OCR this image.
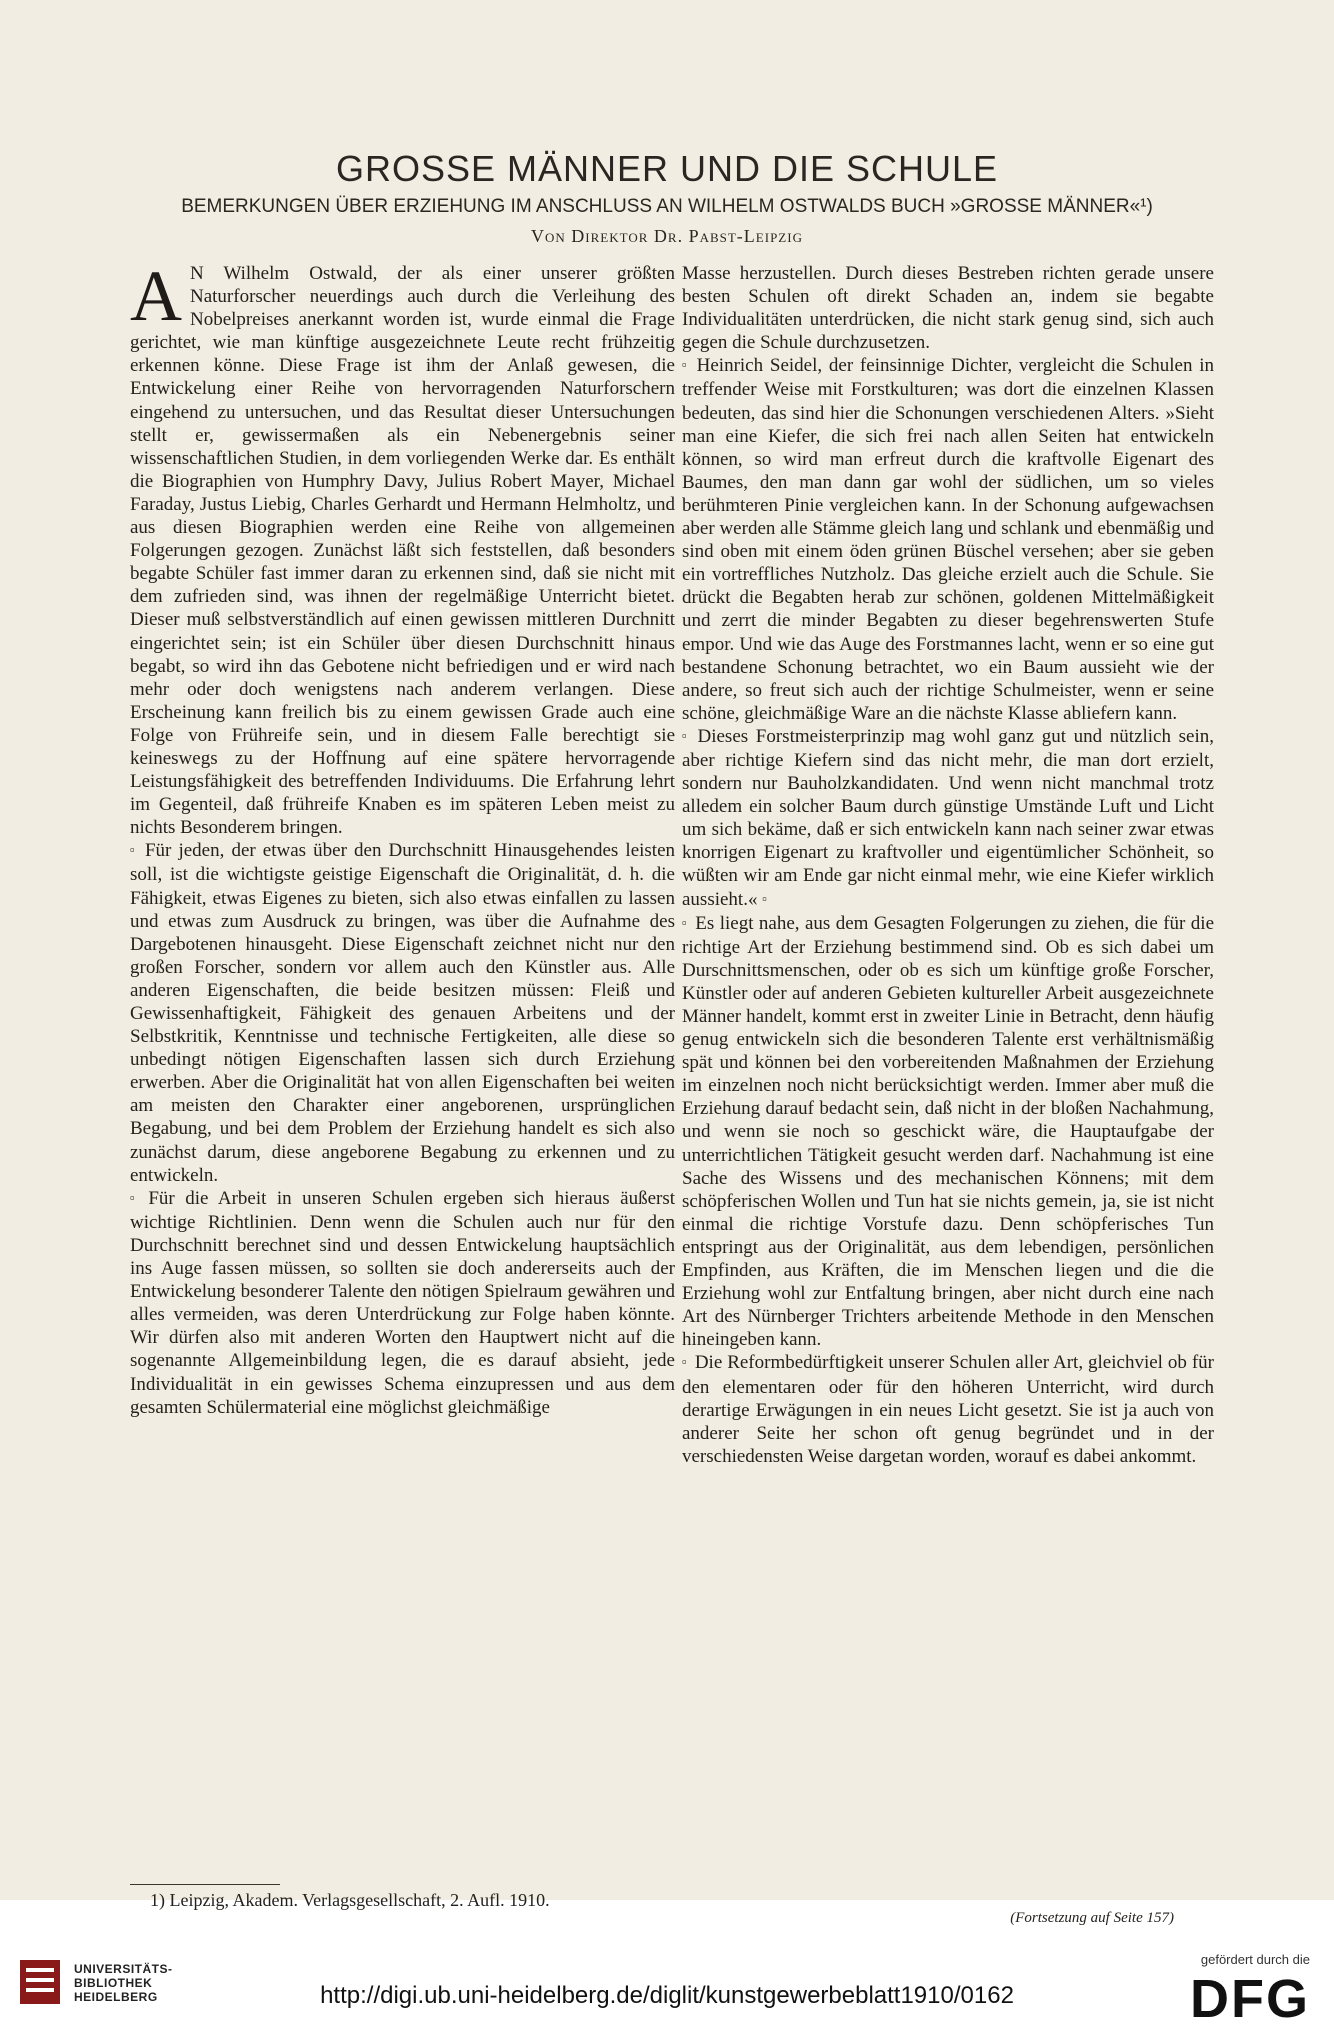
GROSSE MÄNNER UND DIE SCHULE

BEMERKUNGEN ÜBER ERZIEHUNG IM ANSCHLUSS AN WILHELM OSTWALDS BUCH »GROSSE MÄNNER«¹)

Von Direktor Dr. Pabst-Leipzig

A N Wilhelm Ostwald, der als einer unserer größten Naturforscher neuerdings auch durch die Verleihung des Nobelpreises anerkannt worden ist, wurde einmal die Frage gerichtet, wie man künftige ausgezeichnete Leute recht frühzeitig erkennen könne. Diese Frage ist ihm der Anlaß gewesen, die Entwickelung einer Reihe von hervorragenden Naturforschern eingehend zu untersuchen, und das Resultat dieser Untersuchungen stellt er, gewissermaßen als ein Nebenergebnis seiner wissenschaftlichen Studien, in dem vorliegenden Werke dar. Es enthält die Biographien von Humphry Davy, Julius Robert Mayer, Michael Faraday, Justus Liebig, Charles Gerhardt und Hermann Helmholtz, und aus diesen Biographien werden eine Reihe von allgemeinen Folgerungen gezogen. Zunächst läßt sich feststellen, daß besonders begabte Schüler fast immer daran zu erkennen sind, daß sie nicht mit dem zufrieden sind, was ihnen der regelmäßige Unterricht bietet. Dieser muß selbstverständlich auf einen gewissen mittleren Durchnitt eingerichtet sein; ist ein Schüler über diesen Durchschnitt hinaus begabt, so wird ihn das Gebotene nicht befriedigen und er wird nach mehr oder doch wenigstens nach anderem verlangen. Diese Erscheinung kann freilich bis zu einem gewissen Grade auch eine Folge von Frühreife sein, und in diesem Falle berechtigt sie keineswegs zu der Hoffnung auf eine spätere hervorragende Leistungsfähigkeit des betreffenden Individuums. Die Erfahrung lehrt im Gegenteil, daß frühreife Knaben es im späteren Leben meist zu nichts Besonderem bringen.

▫ Für jeden, der etwas über den Durchschnitt Hinausgehendes leisten soll, ist die wichtigste geistige Eigenschaft die Originalität, d. h. die Fähigkeit, etwas Eigenes zu bieten, sich also etwas einfallen zu lassen und etwas zum Ausdruck zu bringen, was über die Aufnahme des Dargebotenen hinausgeht. Diese Eigenschaft zeichnet nicht nur den großen Forscher, sondern vor allem auch den Künstler aus. Alle anderen Eigenschaften, die beide besitzen müssen: Fleiß und Gewissenhaftigkeit, Fähigkeit des genauen Arbeitens und der Selbstkritik, Kenntnisse und technische Fertigkeiten, alle diese so unbedingt nötigen Eigenschaften lassen sich durch Erziehung erwerben. Aber die Originalität hat von allen Eigenschaften bei weiten am meisten den Charakter einer angeborenen, ursprünglichen Begabung, und bei dem Problem der Erziehung handelt es sich also zunächst darum, diese angeborene Begabung zu erkennen und zu entwickeln.

▫ Für die Arbeit in unseren Schulen ergeben sich hieraus äußerst wichtige Richtlinien. Denn wenn die Schulen auch nur für den Durchschnitt berechnet sind und dessen Entwickelung hauptsächlich ins Auge fassen müssen, so sollten sie doch andererseits auch der Entwickelung besonderer Talente den nötigen Spielraum gewähren und alles vermeiden, was deren Unterdrückung zur Folge haben könnte. Wir dürfen also mit anderen Worten den Hauptwert nicht auf die sogenannte Allgemeinbildung legen, die es darauf absieht, jede Individualität in ein gewisses Schema einzupressen und aus dem gesamten Schülermaterial eine möglichst gleichmäßige

Masse herzustellen. Durch dieses Bestreben richten gerade unsere besten Schulen oft direkt Schaden an, indem sie begabte Individualitäten unterdrücken, die nicht stark genug sind, sich auch gegen die Schule durchzusetzen.

▫ Heinrich Seidel, der feinsinnige Dichter, vergleicht die Schulen in treffender Weise mit Forstkulturen; was dort die einzelnen Klassen bedeuten, das sind hier die Schonungen verschiedenen Alters. »Sieht man eine Kiefer, die sich frei nach allen Seiten hat entwickeln können, so wird man erfreut durch die kraftvolle Eigenart des Baumes, den man dann gar wohl der südlichen, um so vieles berühmteren Pinie vergleichen kann. In der Schonung aufgewachsen aber werden alle Stämme gleich lang und schlank und ebenmäßig und sind oben mit einem öden grünen Büschel versehen; aber sie geben ein vortreffliches Nutzholz. Das gleiche erzielt auch die Schule. Sie drückt die Begabten herab zur schönen, goldenen Mittelmäßigkeit und zerrt die minder Begabten zu dieser begehrenswerten Stufe empor. Und wie das Auge des Forstmannes lacht, wenn er so eine gut bestandene Schonung betrachtet, wo ein Baum aussieht wie der andere, so freut sich auch der richtige Schulmeister, wenn er seine schöne, gleichmäßige Ware an die nächste Klasse abliefern kann.

▫ Dieses Forstmeisterprinzip mag wohl ganz gut und nützlich sein, aber richtige Kiefern sind das nicht mehr, die man dort erzielt, sondern nur Bauholzkandidaten. Und wenn nicht manchmal trotz alledem ein solcher Baum durch günstige Umstände Luft und Licht um sich bekäme, daß er sich entwickeln kann nach seiner zwar etwas knorrigen Eigenart zu kraftvoller und eigentümlicher Schönheit, so wüßten wir am Ende gar nicht einmal mehr, wie eine Kiefer wirklich aussieht.« ▫

▫ Es liegt nahe, aus dem Gesagten Folgerungen zu ziehen, die für die richtige Art der Erziehung bestimmend sind. Ob es sich dabei um Durschnittsmenschen, oder ob es sich um künftige große Forscher, Künstler oder auf anderen Gebieten kultureller Arbeit ausgezeichnete Männer handelt, kommt erst in zweiter Linie in Betracht, denn häufig genug entwickeln sich die besonderen Talente erst verhältnismäßig spät und können bei den vorbereitenden Maßnahmen der Erziehung im einzelnen noch nicht berücksichtigt werden. Immer aber muß die Erziehung darauf bedacht sein, daß nicht in der bloßen Nachahmung, und wenn sie noch so geschickt wäre, die Hauptaufgabe der unterrichtlichen Tätigkeit gesucht werden darf. Nachahmung ist eine Sache des Wissens und des mechanischen Könnens; mit dem schöpferischen Wollen und Tun hat sie nichts gemein, ja, sie ist nicht einmal die richtige Vorstufe dazu. Denn schöpferisches Tun entspringt aus der Originalität, aus dem lebendigen, persönlichen Empfinden, aus Kräften, die im Menschen liegen und die die Erziehung wohl zur Entfaltung bringen, aber nicht durch eine nach Art des Nürnberger Trichters arbeitende Methode in den Menschen hineingeben kann.

▫ Die Reformbedürftigkeit unserer Schulen aller Art, gleichviel ob für den elementaren oder für den höheren Unterricht, wird durch derartige Erwägungen in ein neues Licht gesetzt. Sie ist ja auch von anderer Seite her schon oft genug begründet und in der verschiedensten Weise dargetan worden, worauf es dabei ankommt.

1) Leipzig, Akadem. Verlagsgesellschaft, 2. Aufl. 1910.

(Fortsetzung auf Seite 157)

UNIVERSITÄTS-
BIBLIOTHEK
HEIDELBERG	http://digi.ub.uni-heidelberg.de/diglit/kunstgewerbeblatt1910/0162
gefördert durch die
DFG
